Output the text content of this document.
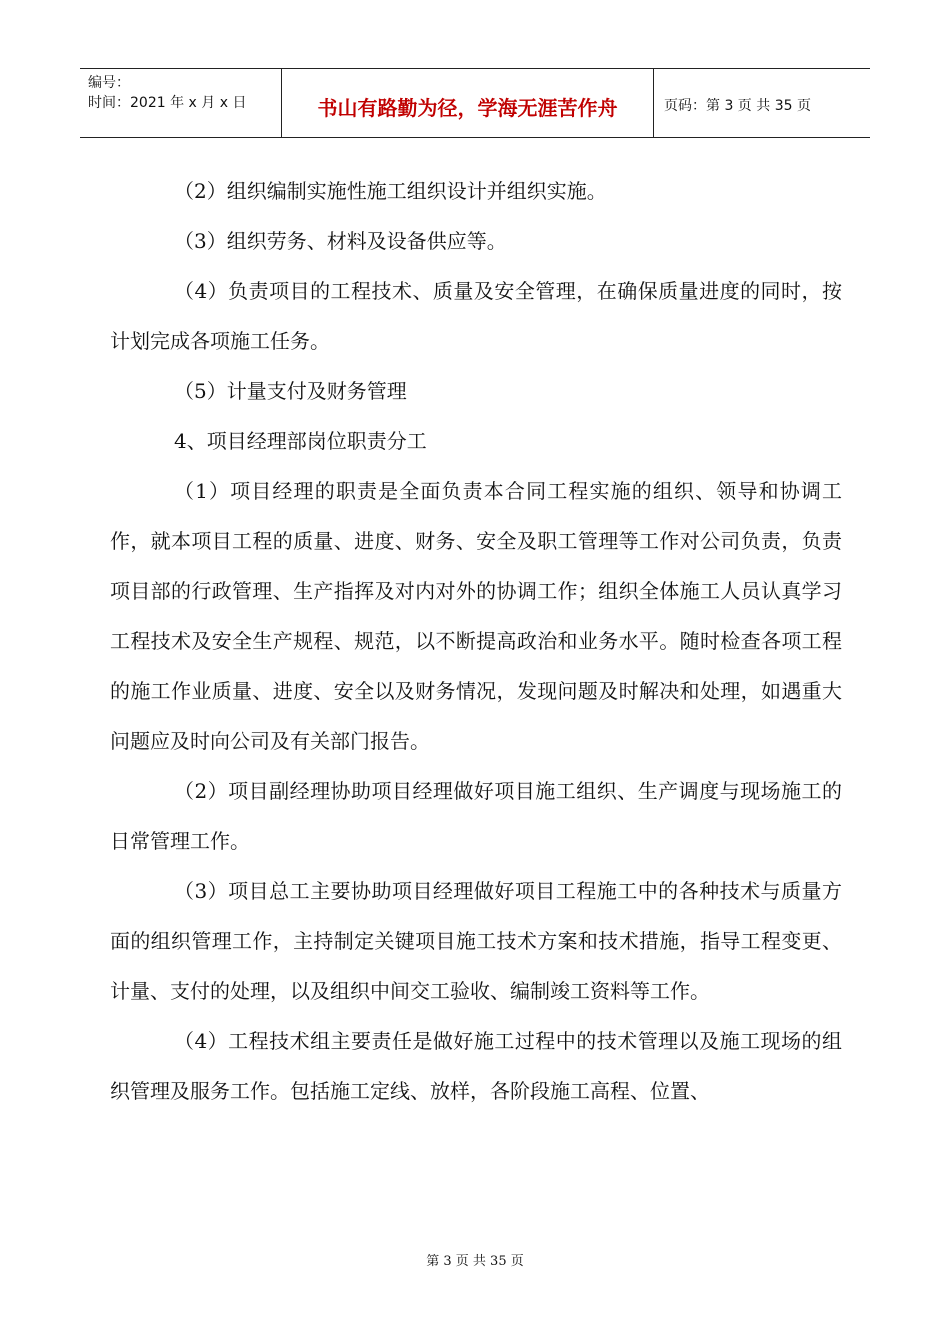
编号：
时间：2021 年 x 月 x 日	书山有路勤为径，学海无涯苦作舟	页码：第 3 页 共 35 页

（2）组织编制实施性施工组织设计并组织实施。

（3）组织劳务、材料及设备供应等。

（4）负责项目的工程技术、质量及安全管理，在确保质量进度的同时，按计划完成各项施工任务。

（5）计量支付及财务管理

4、项目经理部岗位职责分工

（1）项目经理的职责是全面负责本合同工程实施的组织、领导和协调工作，就本项目工程的质量、进度、财务、安全及职工管理等工作对公司负责，负责项目部的行政管理、生产指挥及对内对外的协调工作；组织全体施工人员认真学习工程技术及安全生产规程、规范，以不断提高政治和业务水平。随时检查各项工程的施工作业质量、进度、安全以及财务情况，发现问题及时解决和处理，如遇重大问题应及时向公司及有关部门报告。

（2）项目副经理协助项目经理做好项目施工组织、生产调度与现场施工的日常管理工作。

（3）项目总工主要协助项目经理做好项目工程施工中的各种技术与质量方面的组织管理工作，主持制定关键项目施工技术方案和技术措施，指导工程变更、计量、支付的处理，以及组织中间交工验收、编制竣工资料等工作。

（4）工程技术组主要责任是做好施工过程中的技术管理以及施工现场的组织管理及服务工作。包括施工定线、放样，各阶段施工高程、位置、

第 3 页 共 35 页
